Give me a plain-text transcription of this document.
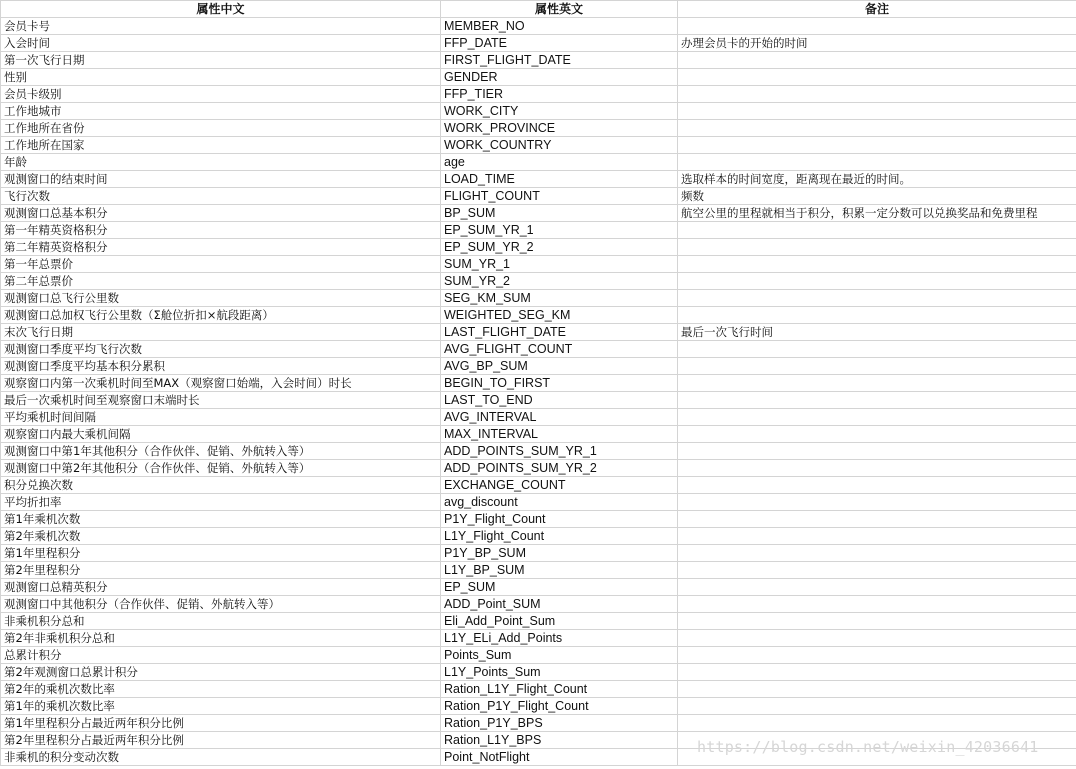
属性中文	属性英文	备注
会员卡号	MEMBER_NO	
入会时间	FFP_DATE	办理会员卡的开始的时间
第一次飞行日期	FIRST_FLIGHT_DATE	
性别	GENDER	
会员卡级别	FFP_TIER	
工作地城市	WORK_CITY	
工作地所在省份	WORK_PROVINCE	
工作地所在国家	WORK_COUNTRY	
年龄	age	
观测窗口的结束时间	LOAD_TIME	选取样本的时间宽度，距离现在最近的时间。
飞行次数	FLIGHT_COUNT	频数
观测窗口总基本积分	BP_SUM	航空公里的里程就相当于积分，积累一定分数可以兑换奖品和免费里程
第一年精英资格积分	EP_SUM_YR_1	
第二年精英资格积分	EP_SUM_YR_2	
第一年总票价	SUM_YR_1	
第二年总票价	SUM_YR_2	
观测窗口总飞行公里数	SEG_KM_SUM	
观测窗口总加权飞行公里数（Σ舱位折扣×航段距离）	WEIGHTED_SEG_KM	
末次飞行日期	LAST_FLIGHT_DATE	最后一次飞行时间
观测窗口季度平均飞行次数	AVG_FLIGHT_COUNT	
观测窗口季度平均基本积分累积	AVG_BP_SUM	
观察窗口内第一次乘机时间至MAX（观察窗口始端，入会时间）时长	BEGIN_TO_FIRST	
最后一次乘机时间至观察窗口末端时长	LAST_TO_END	
平均乘机时间间隔	AVG_INTERVAL	
观察窗口内最大乘机间隔	MAX_INTERVAL	
观测窗口中第1年其他积分（合作伙伴、促销、外航转入等）	ADD_POINTS_SUM_YR_1	
观测窗口中第2年其他积分（合作伙伴、促销、外航转入等）	ADD_POINTS_SUM_YR_2	
积分兑换次数	EXCHANGE_COUNT	
平均折扣率	avg_discount	
第1年乘机次数	P1Y_Flight_Count	
第2年乘机次数	L1Y_Flight_Count	
第1年里程积分	P1Y_BP_SUM	
第2年里程积分	L1Y_BP_SUM	
观测窗口总精英积分	EP_SUM	
观测窗口中其他积分（合作伙伴、促销、外航转入等）	ADD_Point_SUM	
非乘机积分总和	Eli_Add_Point_Sum	
第2年非乘机积分总和	L1Y_ELi_Add_Points	
总累计积分	Points_Sum	
第2年观测窗口总累计积分	L1Y_Points_Sum	
第2年的乘机次数比率	Ration_L1Y_Flight_Count	
第1年的乘机次数比率	Ration_P1Y_Flight_Count	
第1年里程积分占最近两年积分比例	Ration_P1Y_BPS	
第2年里程积分占最近两年积分比例	Ration_L1Y_BPS	
非乘机的积分变动次数	Point_NotFlight	
https://blog.csdn.net/weixin_42036641
